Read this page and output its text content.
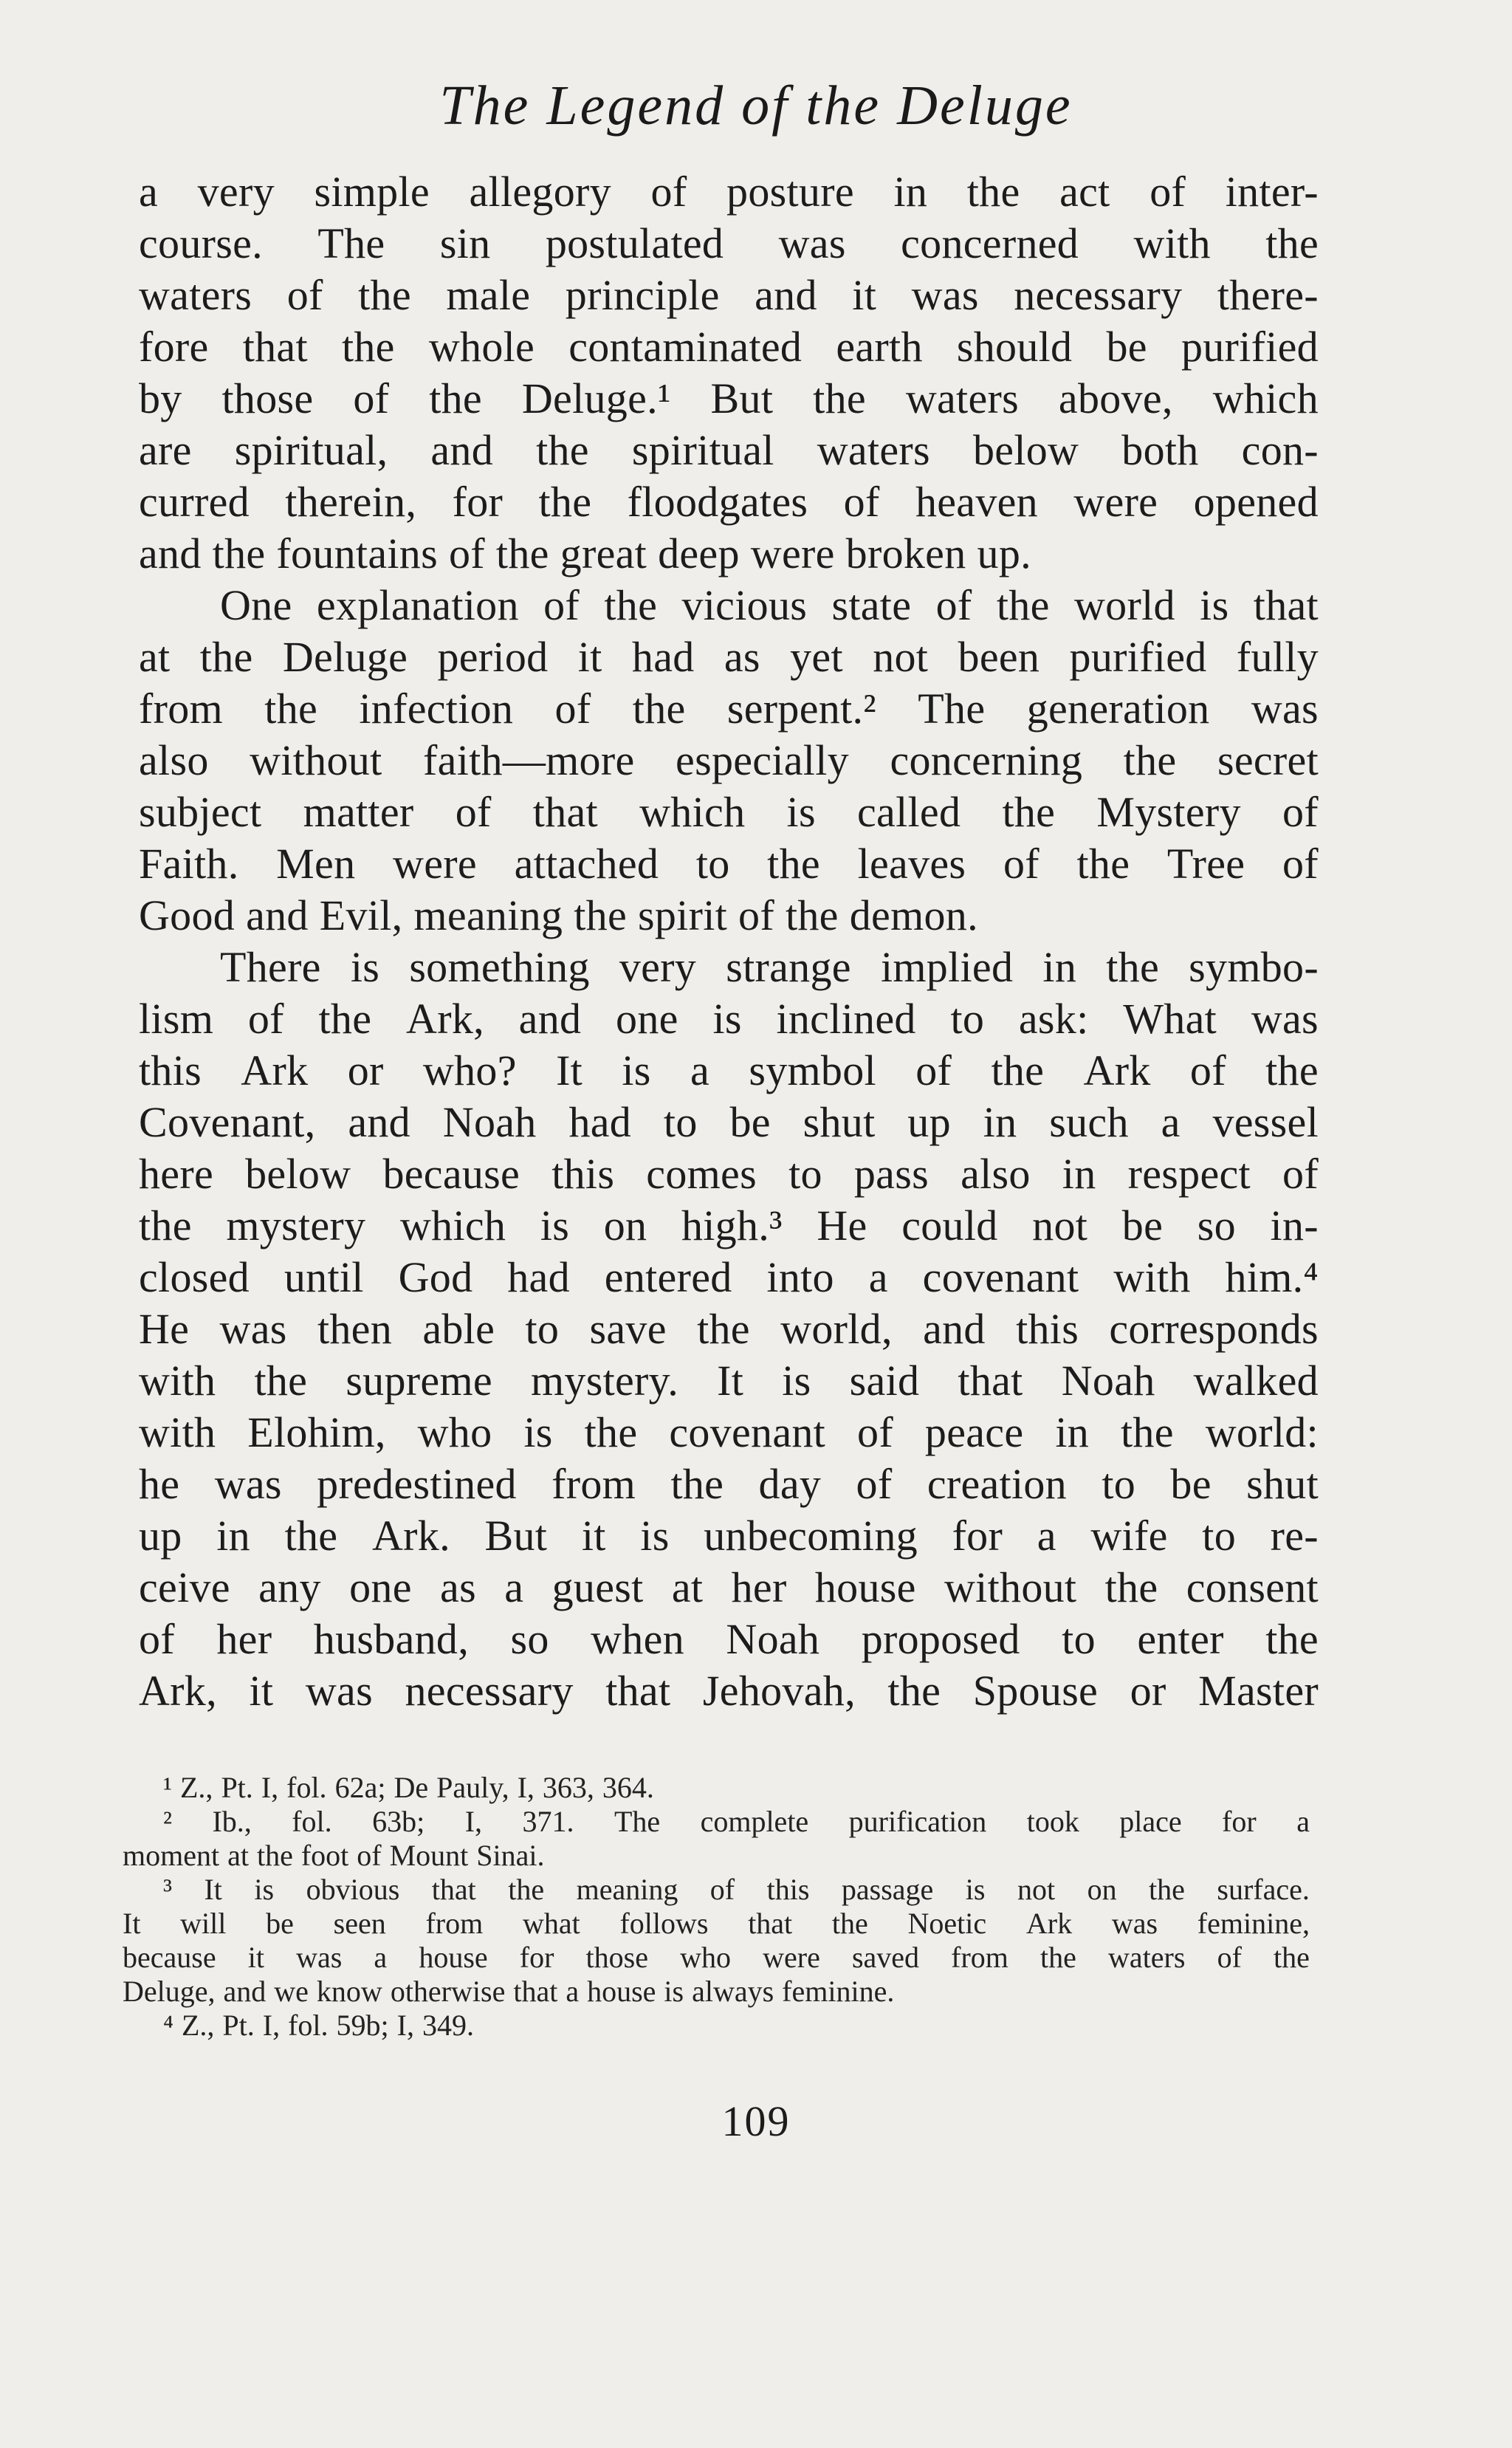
The Legend of the Deluge
a very simple allegory of posture in the act of inter-
course. The sin postulated was concerned with the
waters of the male principle and it was necessary there-
fore that the whole contaminated earth should be purified
by those of the Deluge.¹ But the waters above, which
are spiritual, and the spiritual waters below both con-
curred therein, for the floodgates of heaven were opened
and the fountains of the great deep were broken up.
One explanation of the vicious state of the world is that
at the Deluge period it had as yet not been purified fully
from the infection of the serpent.² The generation was
also without faith—more especially concerning the secret
subject matter of that which is called the Mystery of
Faith. Men were attached to the leaves of the Tree of
Good and Evil, meaning the spirit of the demon.
There is something very strange implied in the symbo-
lism of the Ark, and one is inclined to ask: What was
this Ark or who? It is a symbol of the Ark of the
Covenant, and Noah had to be shut up in such a vessel
here below because this comes to pass also in respect of
the mystery which is on high.³ He could not be so in-
closed until God had entered into a covenant with him.⁴
He was then able to save the world, and this corresponds
with the supreme mystery. It is said that Noah walked
with Elohim, who is the covenant of peace in the world:
he was predestined from the day of creation to be shut
up in the Ark. But it is unbecoming for a wife to re-
ceive any one as a guest at her house without the consent
of her husband, so when Noah proposed to enter the
Ark, it was necessary that Jehovah, the Spouse or Master
¹ Z., Pt. I, fol. 62a; De Pauly, I, 363, 364.
² Ib., fol. 63b; I, 371. The complete purification took place for a
moment at the foot of Mount Sinai.
³ It is obvious that the meaning of this passage is not on the surface.
It will be seen from what follows that the Noetic Ark was feminine,
because it was a house for those who were saved from the waters of the
Deluge, and we know otherwise that a house is always feminine.
⁴ Z., Pt. I, fol. 59b; I, 349.
109
